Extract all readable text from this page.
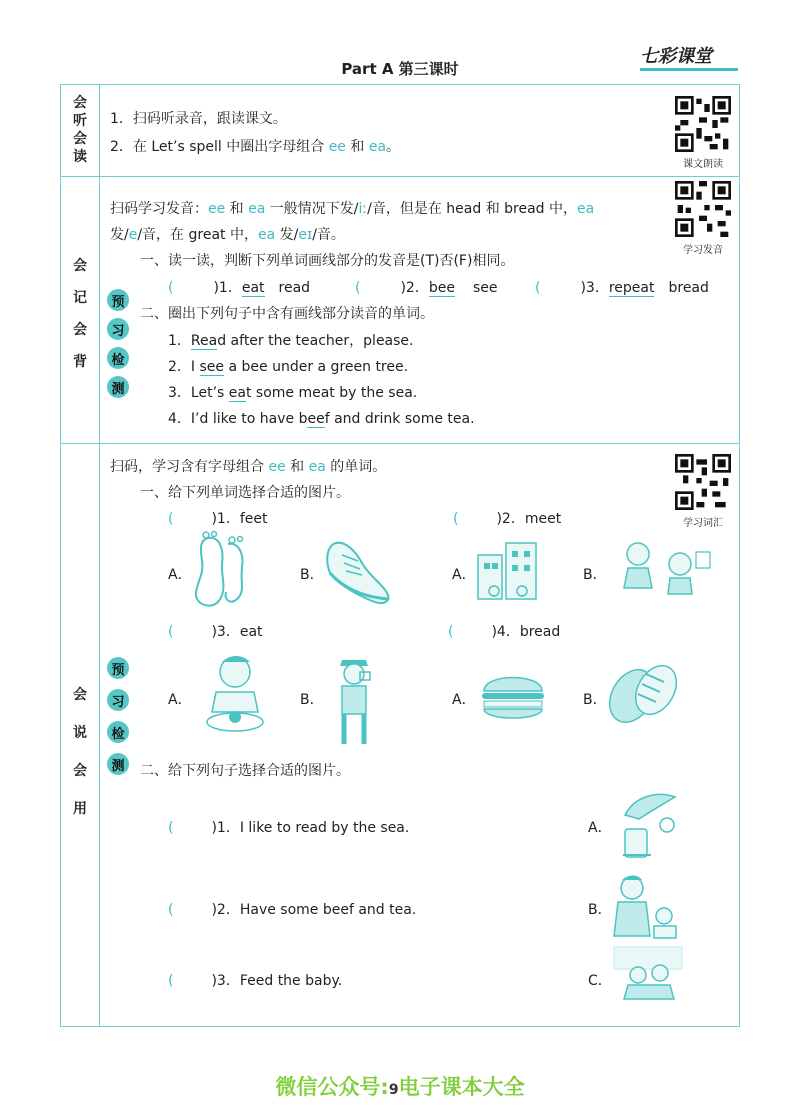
Part A 第三课时
七彩课堂
会
听
会
读
1．扫码听录音，跟读课文。
2．在 Let’s spell 中圈出字母组合 ee 和 ea。
课文朗读
会
记
会
背
预
习
检
测
扫码学习发音：ee 和 ea 一般情况下发/iː/音，但是在 head 和 bread 中，ea
发/e/音，在 great 中，ea 发/eɪ/音。
学习发音
一、读一读，判断下列单词画线部分的发音是(T)否(F)相同。
(	)1．eat read	(	)2．bee see	(	)3．repeat bread
二、圈出下列句子中含有画线部分读音的单词。
1．Read after the teacher，please.
2．I see a bee under a green tree.
3．Let’s eat some meat by the sea.
4．I’d like to have beef and drink some tea.
会
说
会
用
预
习
检
测
扫码，学习含有字母组合 ee 和 ea 的单词。
一、给下列单词选择合适的图片。
学习词汇
(	)1．feet	(	)2．meet
(	)3．eat	(	)4．bread
A．	B．	A．	B．
A．	B．	A．	B．
二、给下列句子选择合适的图片。
(	)1．I like to read by the sea.
(	)2．Have some beef and tea.
(	)3．Feed the baby.
A．
B．
C．
微信公众号:9电子课本大全
